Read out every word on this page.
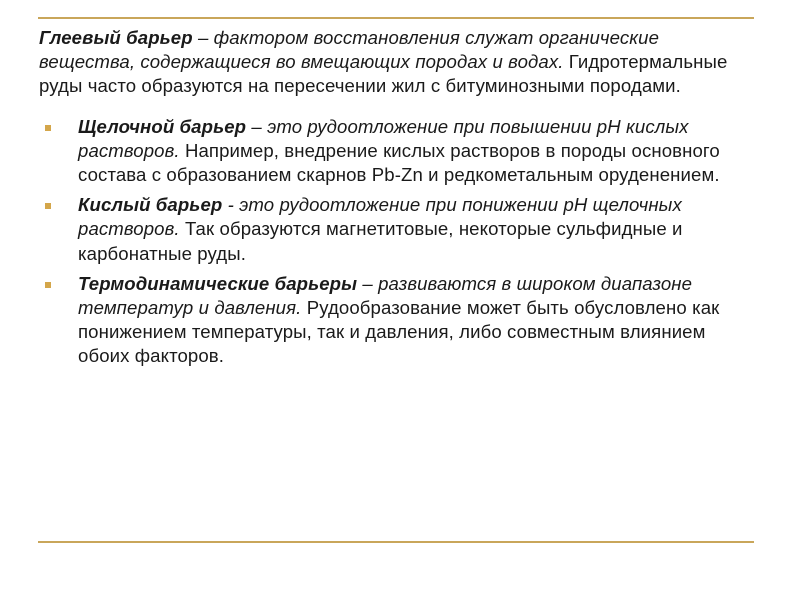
Глеевый барьер – фактором восстановления служат органические вещества, содержащиеся во вмещающих породах и водах. Гидротермальные руды часто образуются на пересечении жил с битуминозными породами.

Щелочной барьер – это рудоотложение при повышении pH кислых растворов. Например, внедрение кислых растворов в породы основного состава с образованием скарнов Pb-Zn и редкометальным оруденением.
Кислый барьер - это рудоотложение при понижении pH щелочных растворов. Так образуются магнетитовые, некоторые сульфидные и карбонатные руды.
Термодинамические барьеры – развиваются в широком диапазоне температур и давления. Рудообразование может быть обусловлено как понижением температуры, так и давления, либо совместным влиянием обоих факторов.
